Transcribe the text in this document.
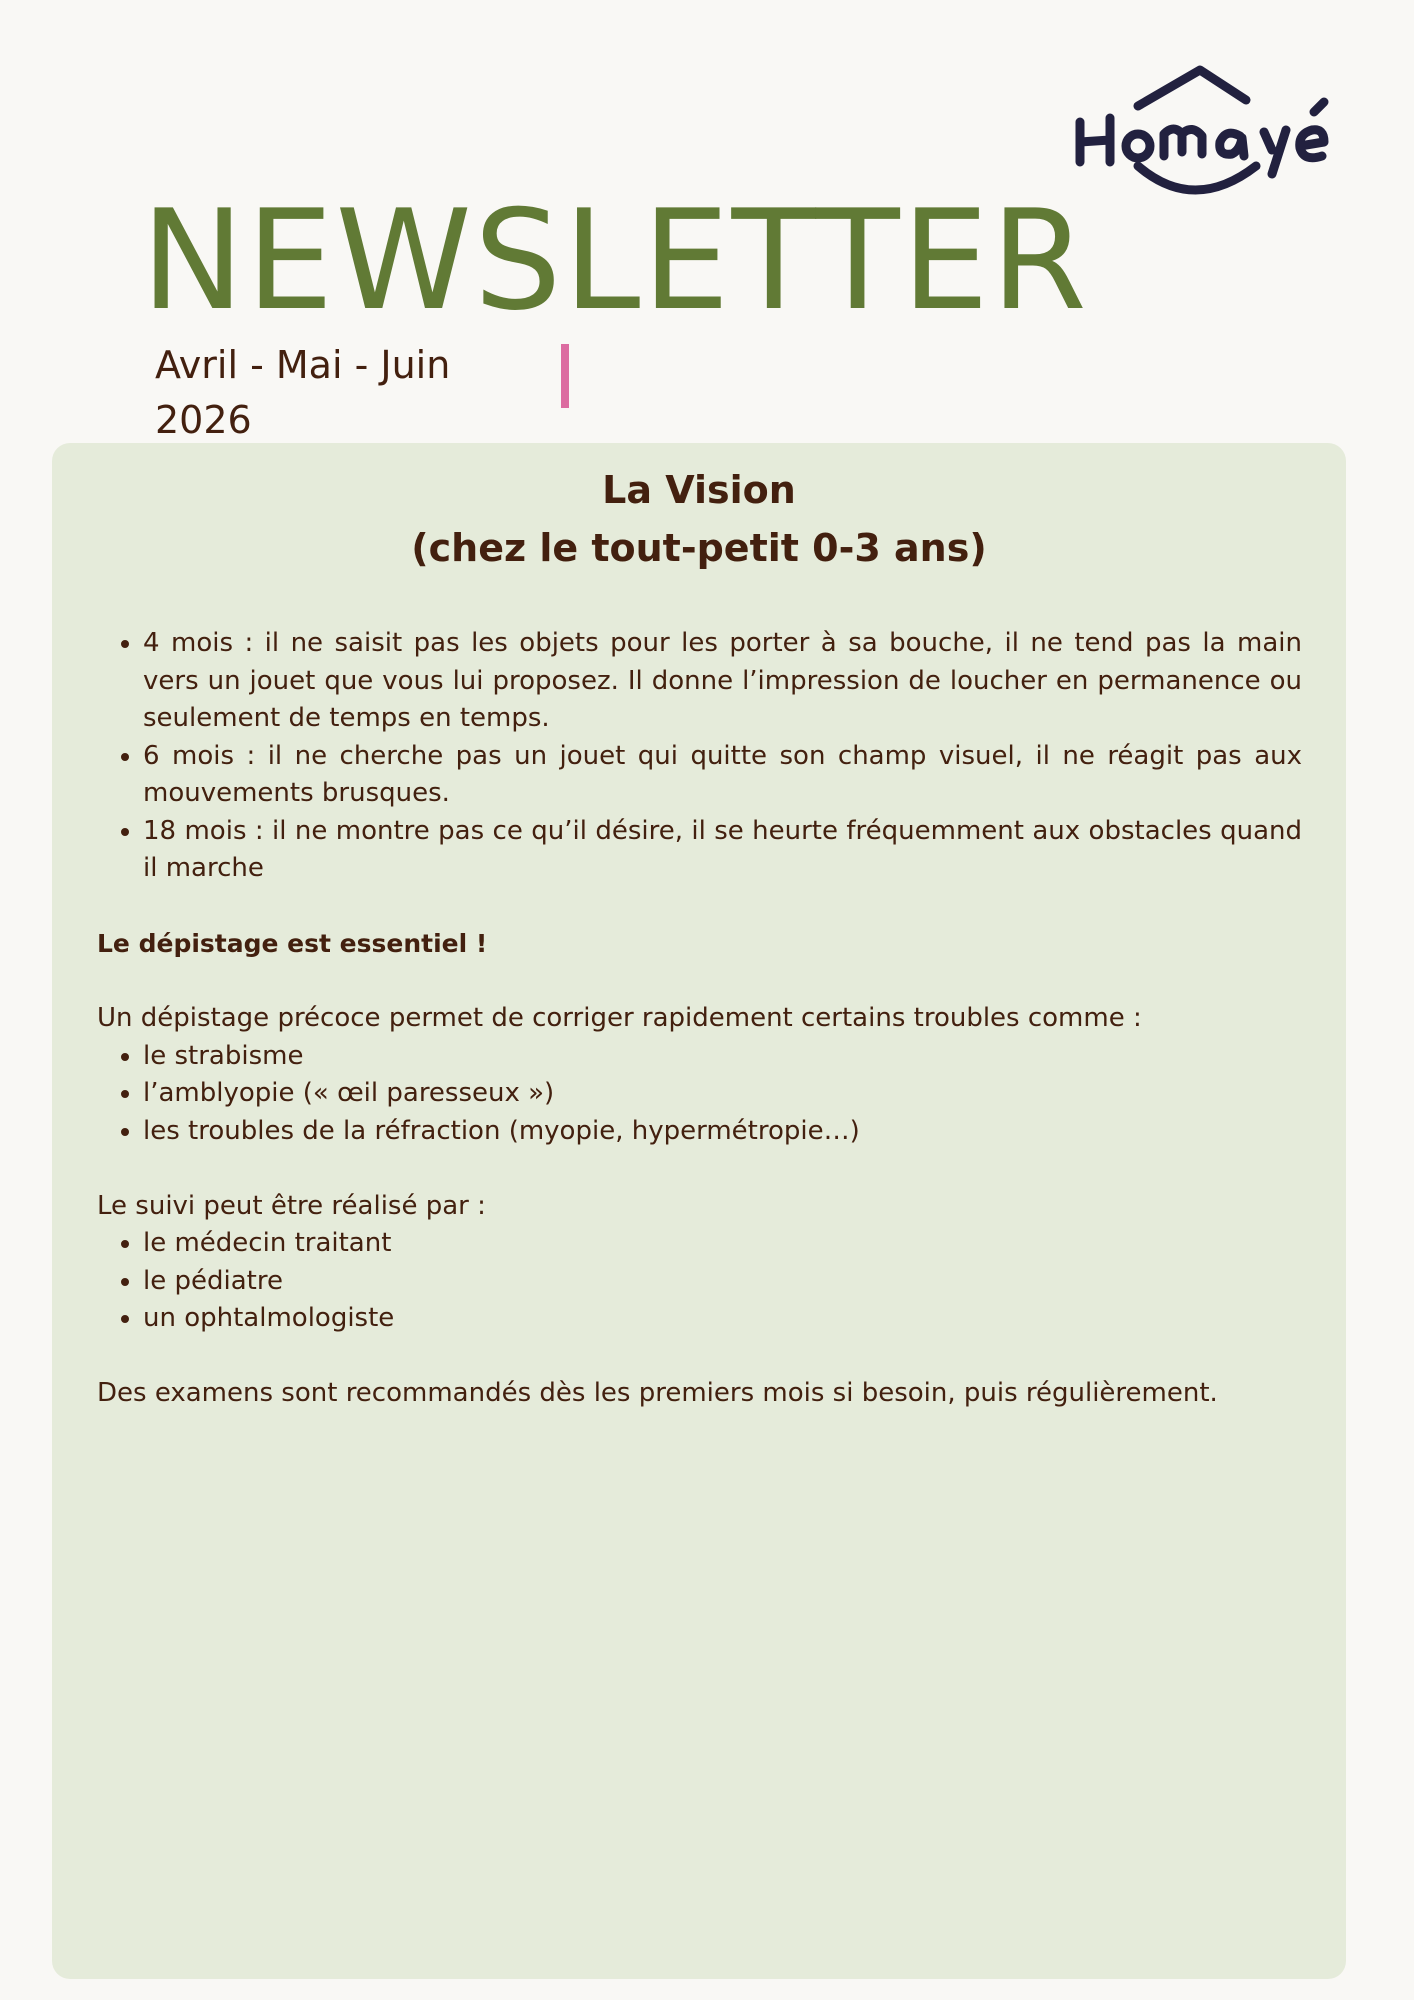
NEWSLETTER
Avril - Mai - Juin
2026
La Vision
(chez le tout-petit 0-3 ans)
• 4 mois : il ne saisit pas les objets pour les porter à sa bouche, il ne tend pas la main vers un jouet que vous lui proposez. Il donne l’impression de loucher en permanence ou seulement de temps en temps.
• 6 mois : il ne cherche pas un jouet qui quitte son champ visuel, il ne réagit pas aux mouvements brusques.
• 18 mois : il ne montre pas ce qu’il désire, il se heurte fréquemment aux obstacles quand il marche

Le dépistage est essentiel !

Un dépistage précoce permet de corriger rapidement certains troubles comme :

• le strabisme
• l’amblyopie (« œil paresseux »)
• les troubles de la réfraction (myopie, hypermétropie…)

Le suivi peut être réalisé par :

• le médecin traitant
• le pédiatre
• un ophtalmologiste

Des examens sont recommandés dès les premiers mois si besoin, puis régulièrement.
